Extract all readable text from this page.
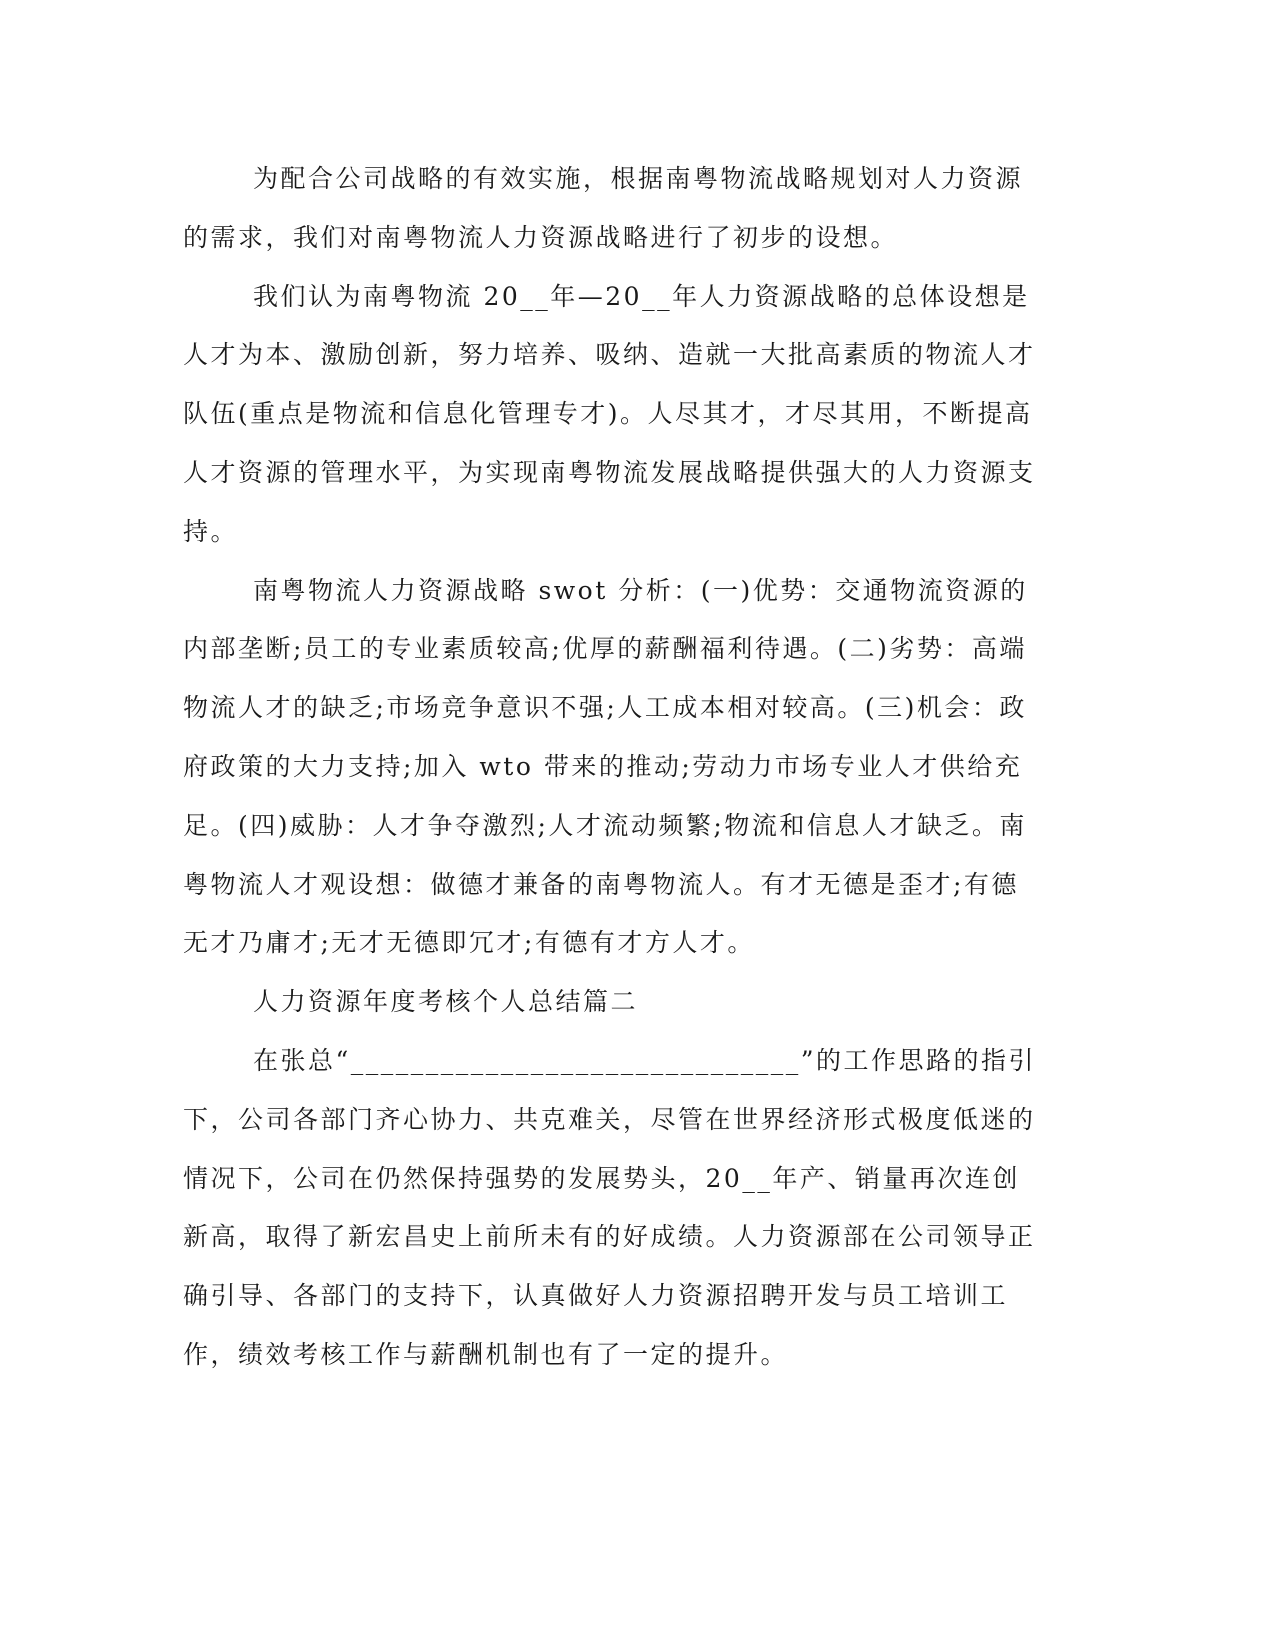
为配合公司战略的有效实施，根据南粤物流战略规划对人力资源的需求，我们对南粤物流人力资源战略进行了初步的设想。

我们认为南粤物流 20__年—20__年人力资源战略的总体设想是人才为本、激励创新，努力培养、吸纳、造就一大批高素质的物流人才队伍(重点是物流和信息化管理专才)。人尽其才，才尽其用，不断提高人才资源的管理水平，为实现南粤物流发展战略提供强大的人力资源支持。

南粤物流人力资源战略 swot 分析：(一)优势：交通物流资源的内部垄断;员工的专业素质较高;优厚的薪酬福利待遇。(二)劣势：高端物流人才的缺乏;市场竞争意识不强;人工成本相对较高。(三)机会：政府政策的大力支持;加入 wto 带来的推动;劳动力市场专业人才供给充足。(四)威胁：人才争夺激烈;人才流动频繁;物流和信息人才缺乏。南粤物流人才观设想：做德才兼备的南粤物流人。有才无德是歪才;有德无才乃庸才;无才无德即冗才;有德有才方人才。

人力资源年度考核个人总结篇二

在张总“______________________________”的工作思路的指引下，公司各部门齐心协力、共克难关，尽管在世界经济形式极度低迷的情况下，公司在仍然保持强势的发展势头，20__年产、销量再次连创新高，取得了新宏昌史上前所未有的好成绩。人力资源部在公司领导正确引导、各部门的支持下，认真做好人力资源招聘开发与员工培训工作，绩效考核工作与薪酬机制也有了一定的提升。
